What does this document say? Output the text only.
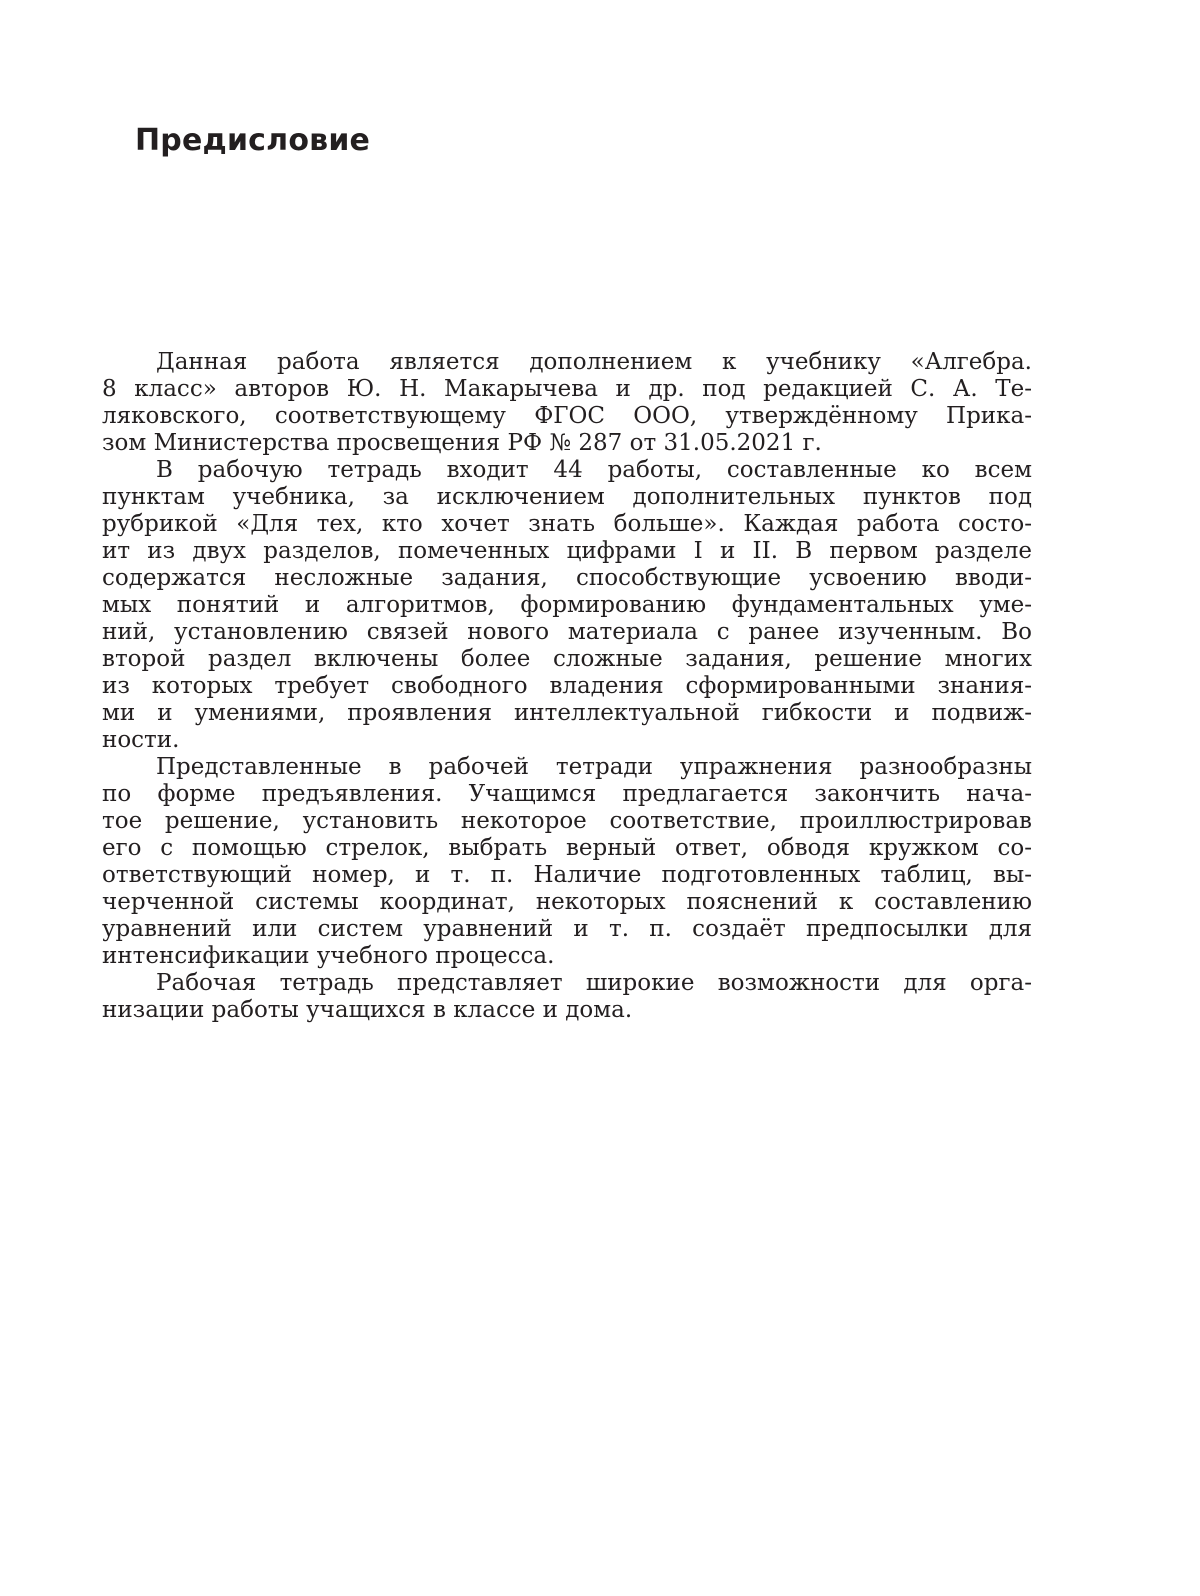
Предисловие
Данная работа является дополнением к учебнику «Алгебра.
8 класс» авторов Ю. Н. Макарычева и др. под редакцией С. А. Те-
ляковского, соответствующему ФГОС ООО, утверждённому Прика-
зом Министерства просвещения РФ № 287 от 31.05.2021 г.
В рабочую тетрадь входит 44 работы, составленные ко всем
пунктам учебника, за исключением дополнительных пунктов под
рубрикой «Для тех, кто хочет знать больше». Каждая работа состо-
ит из двух разделов, помеченных цифрами I и II. В первом разделе
содержатся несложные задания, способствующие усвоению вводи-
мых понятий и алгоритмов, формированию фундаментальных уме-
ний, установлению связей нового материала с ранее изученным. Во
второй раздел включены более сложные задания, решение многих
из которых требует свободного владения сформированными знания-
ми и умениями, проявления интеллектуальной гибкости и подвиж-
ности.
Представленные в рабочей тетради упражнения разнообразны
по форме предъявления. Учащимся предлагается закончить нача-
тое решение, установить некоторое соответствие, проиллюстрировав
его с помощью стрелок, выбрать верный ответ, обводя кружком со-
ответствующий номер, и т. п. Наличие подготовленных таблиц, вы-
черченной системы координат, некоторых пояснений к составлению
уравнений или систем уравнений и т. п. создаёт предпосылки для
интенсификации учебного процесса.
Рабочая тетрадь представляет широкие возможности для орга-
низации работы учащихся в классе и дома.
